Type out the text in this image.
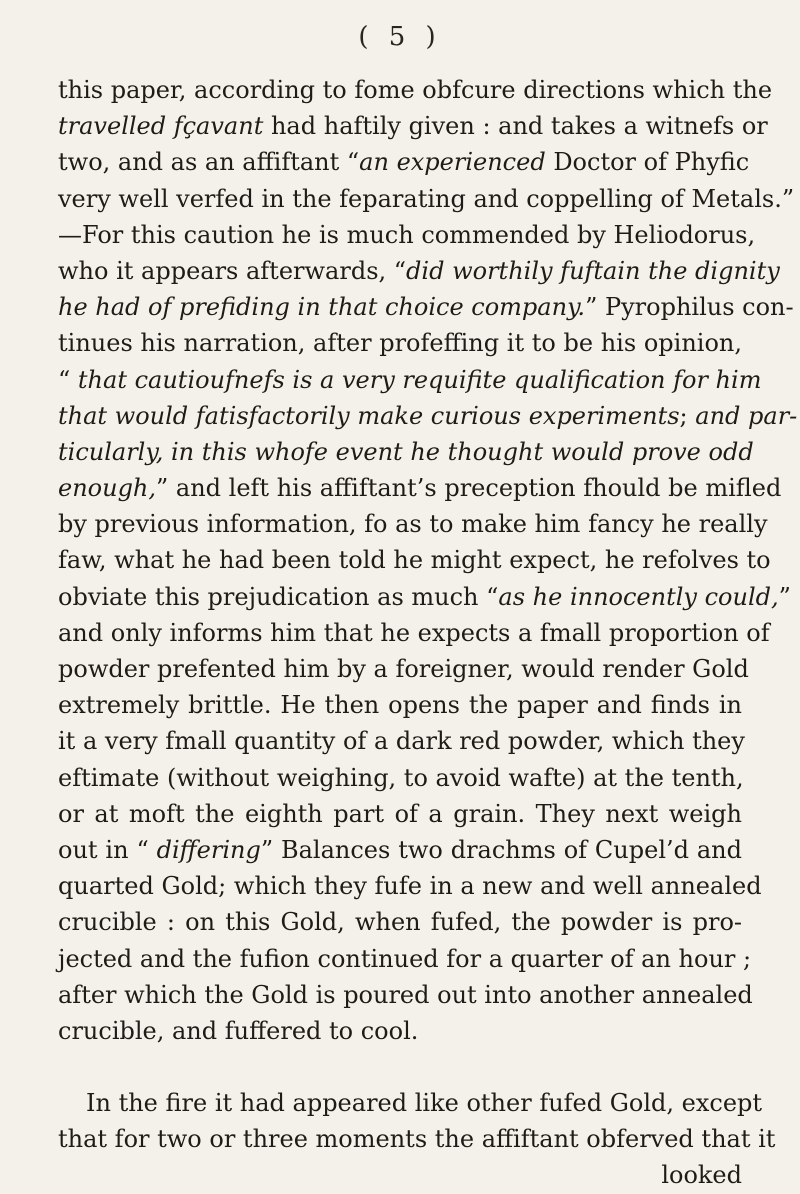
( 5 )
this paper, according to fome obfcure directions which the
travelled fçavant had haftily given : and takes a witnefs or
two, and as an affiftant “an experienced Doctor of Phyfic
very well verfed in the feparating and coppelling of Metals.”
—For this caution he is much commended by Heliodorus,
who it appears afterwards, “did worthily fuftain the dignity
he had of prefiding in that choice company.” Pyrophilus con-
tinues his narration, after profeffing it to be his opinion,
“ that cautioufnefs is a very requifite qualification for him
that would fatisfactorily make curious experiments; and par-
ticularly, in this whofe event he thought would prove odd
enough,” and left his affiftant’s preception fhould be mifled
by previous information, fo as to make him fancy he really
faw, what he had been told he might expect, he refolves to
obviate this prejudication as much “as he innocently could,”
and only informs him that he expects a fmall proportion of
powder prefented him by a foreigner, would render Gold
extremely brittle. He then opens the paper and finds in
it a very fmall quantity of a dark red powder, which they
eftimate (without weighing, to avoid wafte) at the tenth,
or at moft the eighth part of a grain. They next weigh
out in “ differing” Balances two drachms of Cupel’d and
quarted Gold; which they fufe in a new and well annealed
crucible : on this Gold, when fufed, the powder is pro-
jected and the fufion continued for a quarter of an hour ;
after which the Gold is poured out into another annealed
crucible, and fuffered to cool.
In the fire it had appeared like other fufed Gold, except
that for two or three moments the affiftant obferved that it
looked
